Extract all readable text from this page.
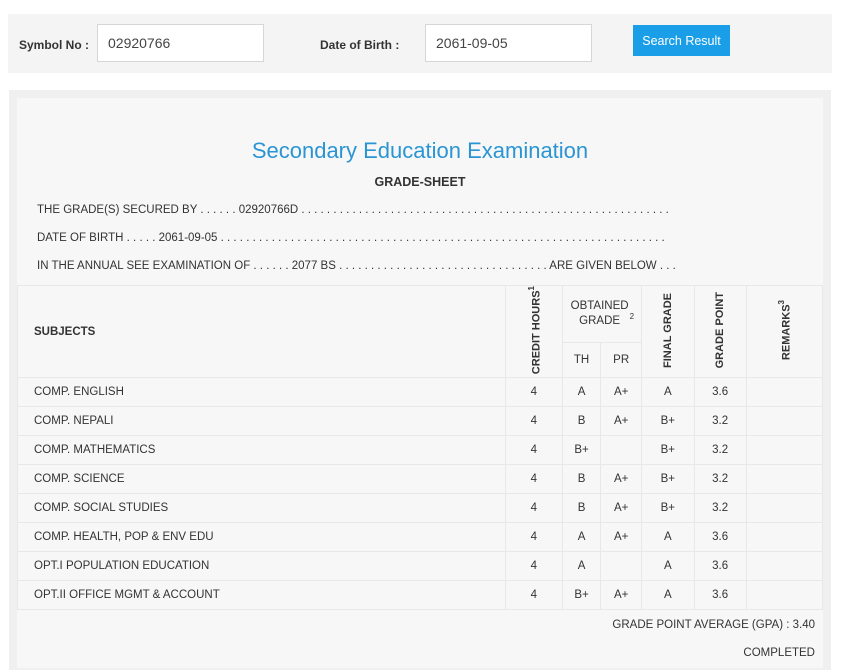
Symbol No :
02920766	Date of Birth :
2061-09-05	Search Result
Secondary Education Examination
GRADE-SHEET
THE GRADE(S) SECURED BY . . . . . . 02920766D . . . . . . . . . . . . . . . . . . . . . . . . . . . . . . . . . . . . . . . . . . . . . . . . . . . . . . . . . .
DATE OF BIRTH . . . . . 2061-09-05 . . . . . . . . . . . . . . . . . . . . . . . . . . . . . . . . . . . . . . . . . . . . . . . . . . . . . . . . . . . . . . . . . . . . . .
IN THE ANNUAL SEE EXAMINATION OF . . . . . . 2077 BS . . . . . . . . . . . . . . . . . . . . . . . . . . . . . . . . . ARE GIVEN BELOW . . .
SUBJECTS	CREDIT HOURS$^1$	OBTAINED GRADE $^2$		FINAL GRADE	GRADE POINT	REMARKS$^3$
		TH	PR			
COMP. ENGLISH	4	A	A+	A	3.6	
COMP. NEPALI	4	B	A+	B+	3.2	
COMP. MATHEMATICS	4	B+		B+	3.2	
COMP. SCIENCE	4	B	A+	B+	3.2	
COMP. SOCIAL STUDIES	4	B	A+	B+	3.2	
COMP. HEALTH, POP & ENV EDU	4	A	A+	A	3.6	
OPT.I POPULATION EDUCATION	4	A		A	3.6	
OPT.II OFFICE MGMT & ACCOUNT	4	B+	A+	A	3.6	
GRADE POINT AVERAGE (GPA) : 3.40
COMPLETED
